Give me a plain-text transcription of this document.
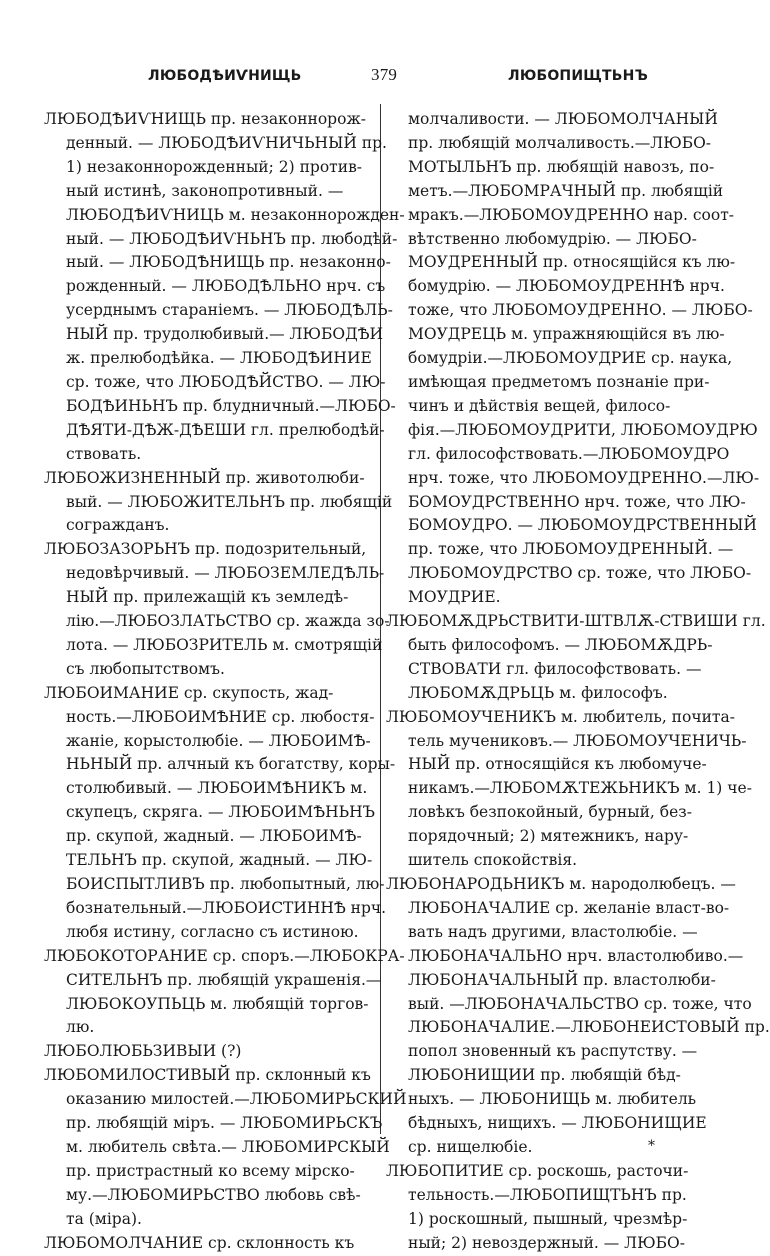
ЛЮБОДѢИѴНИЩЬ	379	ЛЮБОПИЩТЬНЪ

ЛЮБОДѢИѴНИЩЬ пр. незаконнорож-

денный. — ЛЮБОДѢИѴНИЧЬНЫЙ пр.

1) незаконнорожденный; 2) против-

ный истинѣ, законопротивный. —

ЛЮБОДѢИѴНИЦЬ м. незаконнорожден-

ный. — ЛЮБОДѢИѴНЬНЪ пр. любодѣй-

ный. — ЛЮБОДѢНИЩЬ пр. незаконно-

рожденный. — ЛЮБОДѢЛЬНО нрч. съ

усерднымъ стараніемъ. — ЛЮБОДѢЛЬ-

НЫЙ пр. трудолюбивый.— ЛЮБОДѢИ

ж. прелюбодѣйка. — ЛЮБОДѢИНИЕ

ср. тоже, что ЛЮБОДѢЙСТВО. — ЛЮ-

БОДѢИНЬНЪ пр. блудничный.—ЛЮБО-

ДѢЯТИ-ДѢЖ-ДѢЕШИ гл. прелюбодѣй-

ствовать.

ЛЮБОЖИЗНЕННЫЙ пр. животолюби-

вый. — ЛЮБОЖИТЕЛЬНЪ пр. любящій

согражданъ.

ЛЮБОЗАЗОРЬНЪ пр. подозрительный,

недовѣрчивый. — ЛЮБОЗЕМЛЕДѢЛЬ-

НЫЙ пр. прилежащій къ земледѣ-

лію.—ЛЮБОЗЛАТЬСТВО ср. жажда зо-

лота. — ЛЮБОЗРИТЕЛЬ м. смотрящій

съ любопытствомъ.

ЛЮБОИМАНИЕ ср. скупость, жад-

ность.—ЛЮБОИМѢНИЕ ср. любостя-

жаніе, корыстолюбіе. — ЛЮБОИМѢ-

НЬНЫЙ пр. алчный къ богатству, коры-

столюбивый. — ЛЮБОИМѢНИКЪ м.

скупецъ, скряга. — ЛЮБОИМѢНЬНЪ

пр. скупой, жадный. — ЛЮБОИМѢ-

ТЕЛЬНЪ пр. скупой, жадный. — ЛЮ-

БОИСПЫТЛИВЪ пр. любопытный, лю-

бознательный.—ЛЮБОИСТИННѢ нрч.

любя истину, согласно съ истиною.

ЛЮБОКОТОРАНИЕ ср. споръ.—ЛЮБОКРА-

СИТЕЛЬНЪ пр. любящій украшенія.—

ЛЮБОКОУПЬЦЬ м. любящій торгов-

лю.

ЛЮБОЛЮБЬЗИВЫИ (?)

ЛЮБОМИЛОСТИВЫЙ пр. склонный къ

оказанию милостей.—ЛЮБОМИРЬСКИЙ

пр. любящій міръ. — ЛЮБОМИРЬСКЪ

м. любитель свѣта.— ЛЮБОМИРСКЫЙ

пр. пристрастный ко всему мірско-

му.—ЛЮБОМИРЬСТВО любовь свѣ-

та (міра).

ЛЮБОМОЛЧАНИЕ ср. склонность къ

молчаливости. — ЛЮБОМОЛЧАНЫЙ

пр. любящій молчаливость.—ЛЮБО-

МОТЫЛЬНЪ пр. любящій навозъ, по-

метъ.—ЛЮБОМРАЧНЫЙ пр. любящій

мракъ.—ЛЮБОМОУДРЕННО нар. соот-

вѣтственно любомудрію. — ЛЮБО-

МОУДРЕННЫЙ пр. относящійся къ лю-

бомудрію. — ЛЮБОМОУДРЕННѢ нрч.

тоже, что ЛЮБОМОУДРЕННО. — ЛЮБО-

МОУДРЕЦЬ м. упражняющійся въ лю-

бомудріи.—ЛЮБОМОУДРИЕ ср. наука,

имѣющая предметомъ познаніе при-

чинъ и дѣйствія вещей, филосо-

фія.—ЛЮБОМОУДРИТИ, ЛЮБОМОУДРЮ

гл. философствовать.—ЛЮБОМОУДРО

нрч. тоже, что ЛЮБОМОУДРЕННО.—ЛЮ-

БОМОУДРСТВЕННО нрч. тоже, что ЛЮ-

БОМОУДРО. — ЛЮБОМОУДРСТВЕННЫЙ

пр. тоже, что ЛЮБОМОУДРЕННЫЙ. —

ЛЮБОМОУДРСТВО ср. тоже, что ЛЮБО-

МОУДРИЕ.

ЛЮБОМѪДРЬСТВИТИ-ШТВЛѪ-СТВИШИ гл.

быть философомъ. — ЛЮБОМѪДРЬ-

СТВОВАТИ гл. философствовать. —

ЛЮБОМѪДРЬЦЬ м. философъ.

ЛЮБОМОУЧЕНИКЪ м. любитель, почита-

тель мучениковъ.— ЛЮБОМОУЧЕНИЧЬ-

НЫЙ пр. относящійся къ любомуче-

никамъ.—ЛЮБОМѪТЕЖЬНИКЪ м. 1) че-

ловѣкъ безпокойный, бурный, без-

порядочный; 2) мятежникъ, нару-

шитель спокойствія.

ЛЮБОНАРОДЬНИКЪ м. народолюбецъ. —

ЛЮБОНАЧАЛИЕ ср. желаніе власт-во-

вать надъ другими, властолюбіе. —

ЛЮБОНАЧАЛЬНО нрч. властолюбиво.—

ЛЮБОНАЧАЛЬНЫЙ пр. властолюби-

вый. —ЛЮБОНАЧАЛЬСТВО ср. тоже, что

ЛЮБОНАЧАЛИЕ.—ЛЮБОНЕИСТОВЫЙ пр.

попол зновенный къ распутству. —

ЛЮБОНИЩИИ пр. любящій бѣд-

ныхъ. — ЛЮБОНИЩЬ м. любитель

бѣдныхъ, нищихъ. — ЛЮБОНИЩИЕ

ср. нищелюбіе.

ЛЮБОПИТИЕ ср. роскошь, расточи-

тельность.—ЛЮБОПИЩТЬНЪ пр.

1) роскошный, пышный, чрезмѣр-

ный; 2) невоздержный. — ЛЮБО-

*
